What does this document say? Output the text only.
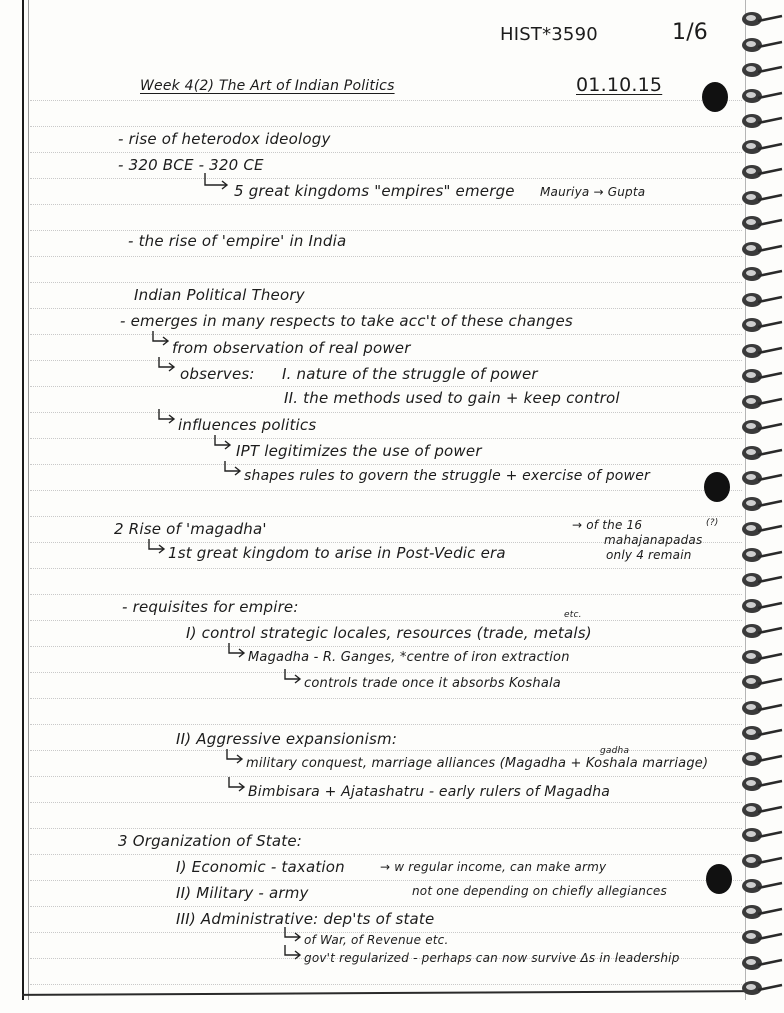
HIST*3590	1/6
Week 4(2) The Art of Indian Politics	01.10.15
- rise of heterodox ideology
- 320 BCE - 320 CE
5 great kingdoms "empires" emerge Mauriya → Gupta
- the rise of 'empire' in India
Indian Political Theory
- emerges in many respects to take acc't of these changes
from observation of real power
observes: I. nature of the struggle of power
II. the methods used to gain + keep control
influences politics
IPT legitimizes the use of power
shapes rules to govern the struggle + exercise of power
2 Rise of 'magadha'	→ of the 16	(?)
mahajanapadas
only 4 remain
1st great kingdom to arise in Post-Vedic era
- requisites for empire:	etc.
I) control strategic locales, resources (trade, metals)
Magadha - R. Ganges, *centre of iron extraction
controls trade once it absorbs Koshala
II) Aggressive expansionism:
gadha
military conquest, marriage alliances (Magadha + Koshala marriage)
Bimbisara + Ajatashatru - early rulers of Magadha
3 Organization of State:
I) Economic - taxation	→ w regular income, can make army
II) Military - army	not one depending on chiefly allegiances
III) Administrative: dep'ts of state
of War, of Revenue etc.
gov't regularized - perhaps can now survive Δs in leadership
